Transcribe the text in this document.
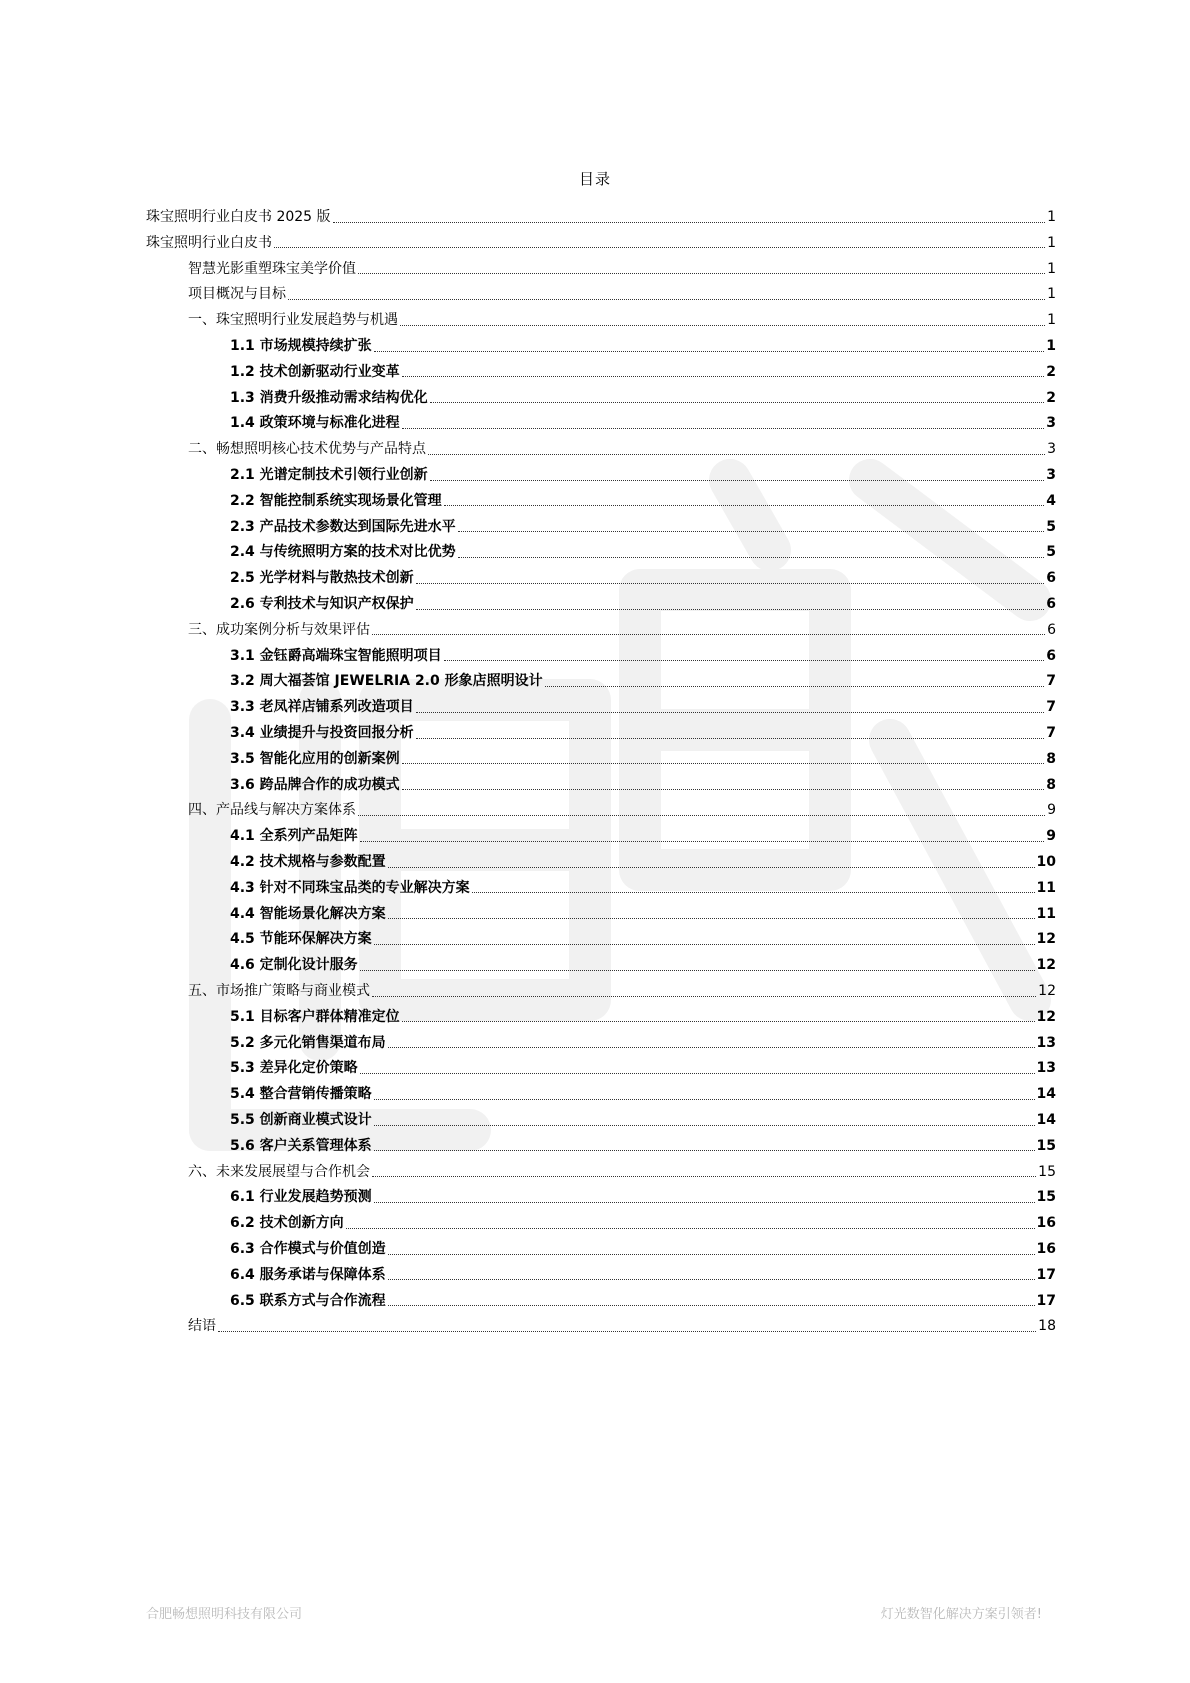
目录
珠宝照明行业白皮书 2025 版	1
珠宝照明行业白皮书	1
智慧光影重塑珠宝美学价值	1
项目概况与目标	1
一、珠宝照明行业发展趋势与机遇	1
1.1 市场规模持续扩张	1
1.2 技术创新驱动行业变革	2
1.3 消费升级推动需求结构优化	2
1.4 政策环境与标准化进程	3
二、畅想照明核心技术优势与产品特点	3
2.1 光谱定制技术引领行业创新	3
2.2 智能控制系统实现场景化管理	4
2.3 产品技术参数达到国际先进水平	5
2.4 与传统照明方案的技术对比优势	5
2.5 光学材料与散热技术创新	6
2.6 专利技术与知识产权保护	6
三、成功案例分析与效果评估	6
3.1 金钰爵高端珠宝智能照明项目	6
3.2 周大福荟馆 JEWELRIA 2.0 形象店照明设计	7
3.3 老凤祥店铺系列改造项目	7
3.4 业绩提升与投资回报分析	7
3.5 智能化应用的创新案例	8
3.6 跨品牌合作的成功模式	8
四、产品线与解决方案体系	9
4.1 全系列产品矩阵	9
4.2 技术规格与参数配置	10
4.3 针对不同珠宝品类的专业解决方案	11
4.4 智能场景化解决方案	11
4.5 节能环保解决方案	12
4.6 定制化设计服务	12
五、市场推广策略与商业模式	12
5.1 目标客户群体精准定位	12
5.2 多元化销售渠道布局	13
5.3 差异化定价策略	13
5.4 整合营销传播策略	14
5.5 创新商业模式设计	14
5.6 客户关系管理体系	15
六、未来发展展望与合作机会	15
6.1 行业发展趋势预测	15
6.2 技术创新方向	16
6.3 合作模式与价值创造	16
6.4 服务承诺与保障体系	17
6.5 联系方式与合作流程	17
结语	18
合肥畅想照明科技有限公司	灯光数智化解决方案引领者!
